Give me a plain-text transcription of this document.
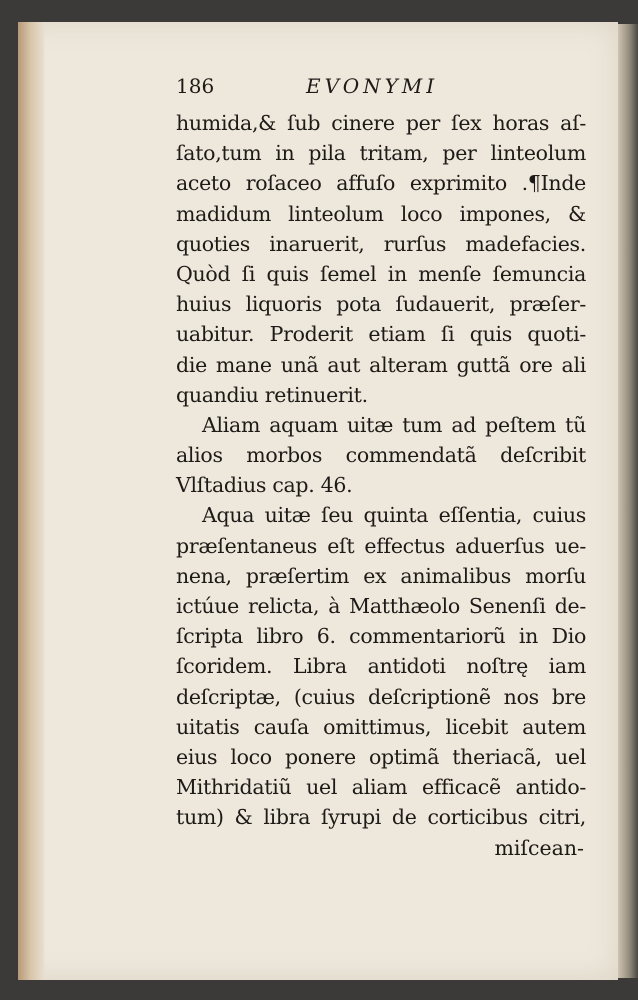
186	EVONYMI
humida,& ſub cinere per ſex horas aſ-
ſato,tum in pila tritam, per linteolum
aceto roſaceo affuſo exprimito .¶Inde
madidum linteolum loco impones, &
quoties inaruerit, rurſus madefacies.
Quòd ſi quis ſemel in menſe ſemuncia
huius liquoris pota ſudauerit, præſer-
uabitur. Proderit etiam ſi quis quoti-
die mane unã aut alteram guttã ore ali
quandiu retinuerit.
Aliam aquam uitæ tum ad peſtem tũ
alios morbos commendatã deſcribit
Vlſtadius cap. 46.
Aqua uitæ ſeu quinta eſſentia, cuius
præſentaneus eſt effectus aduerſus ue-
nena, præſertim ex animalibus morſu
ictúue relicta, à Matthæolo Senenſi de-
ſcripta libro 6. commentariorũ in Dio
ſcoridem. Libra antidoti noſtrę iam
deſcriptæ, (cuius deſcriptionẽ nos bre
uitatis cauſa omittimus, licebit autem
eius loco ponere optimã theriacã, uel
Mithridatiũ uel aliam efficacẽ antido-
tum) & libra ſyrupi de corticibus citri,
miſcean-
